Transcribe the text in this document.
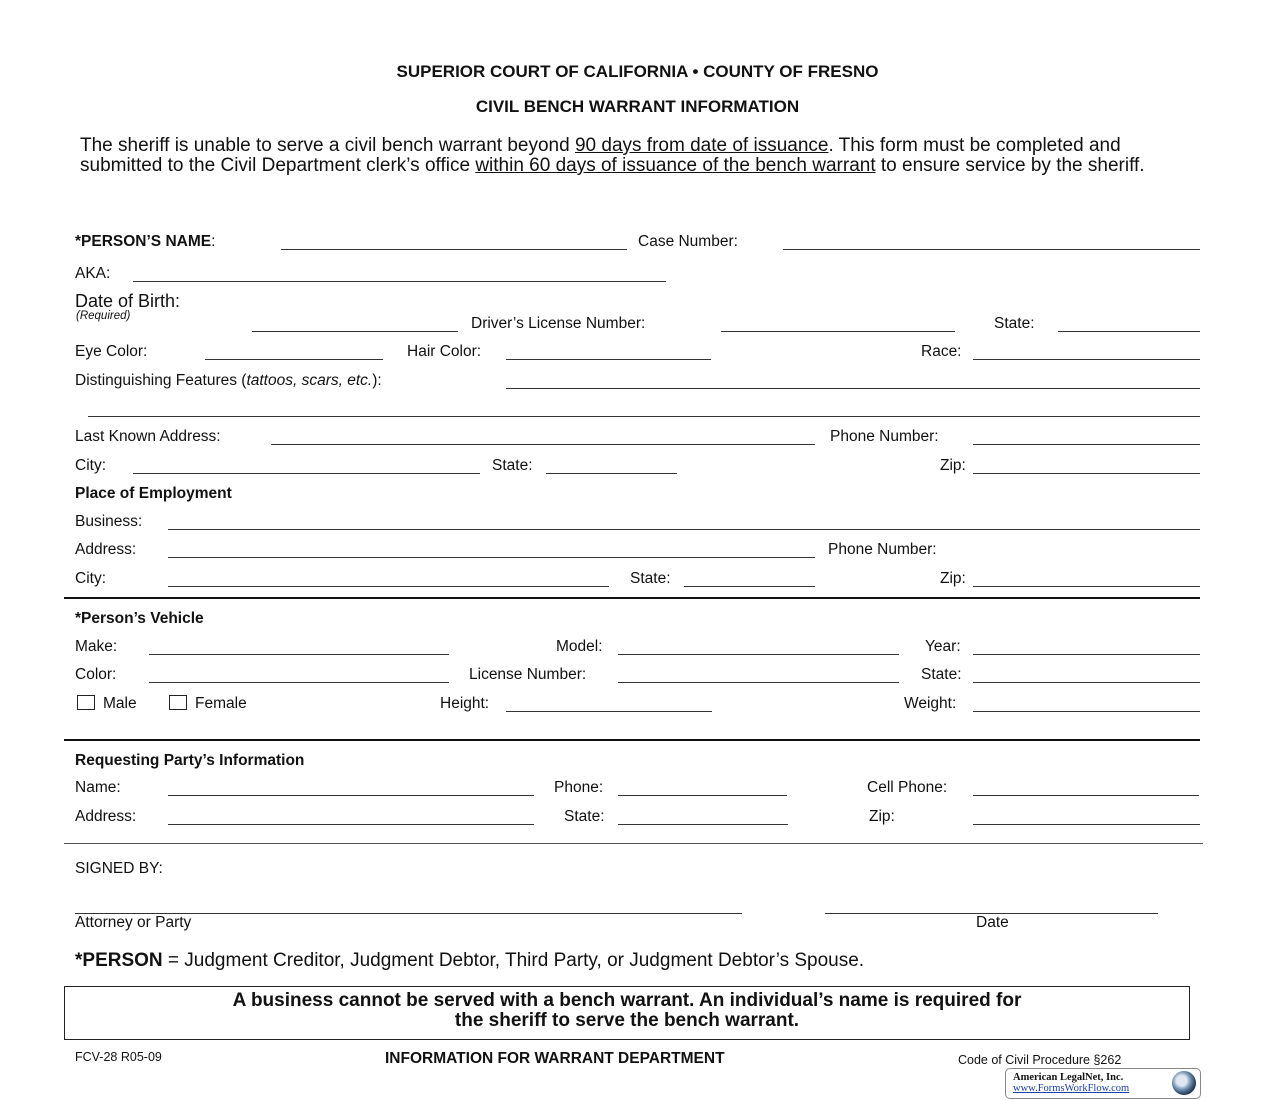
SUPERIOR COURT OF CALIFORNIA • COUNTY OF FRESNO
CIVIL BENCH WARRANT INFORMATION
The sheriff is unable to serve a civil bench warrant beyond 90 days from date of issuance. This form must be completed and submitted to the Civil Department clerk’s office within 60 days of issuance of the bench warrant to ensure service by the sheriff.
*PERSON’S NAME:	Case Number:
AKA:
Date of Birth:
(Required)	Driver’s License Number:	State:
Eye Color:	Hair Color:	Race:
Distinguishing Features (tattoos, scars, etc.):
Last Known Address:	Phone Number:
City:	State:	Zip:
Place of Employment
Business:
Address:	Phone Number:
City:	State:	Zip:
*Person’s Vehicle
Make:	Model:	Year:
Color:	License Number:	State:
Male	Female	Height:	Weight:
Requesting Party’s Information
Name:	Phone:	Cell Phone:
Address:	State:	Zip:
SIGNED BY:
Attorney or Party	Date
*PERSON = Judgment Creditor, Judgment Debtor, Third Party, or Judgment Debtor’s Spouse.
A business cannot be served with a bench warrant. An individual’s name is required for
the sheriff to serve the bench warrant.
FCV-28 R05-09	INFORMATION FOR WARRANT DEPARTMENT	Code of Civil Procedure §262
American LegalNet, Inc.
www.FormsWorkFlow.com
